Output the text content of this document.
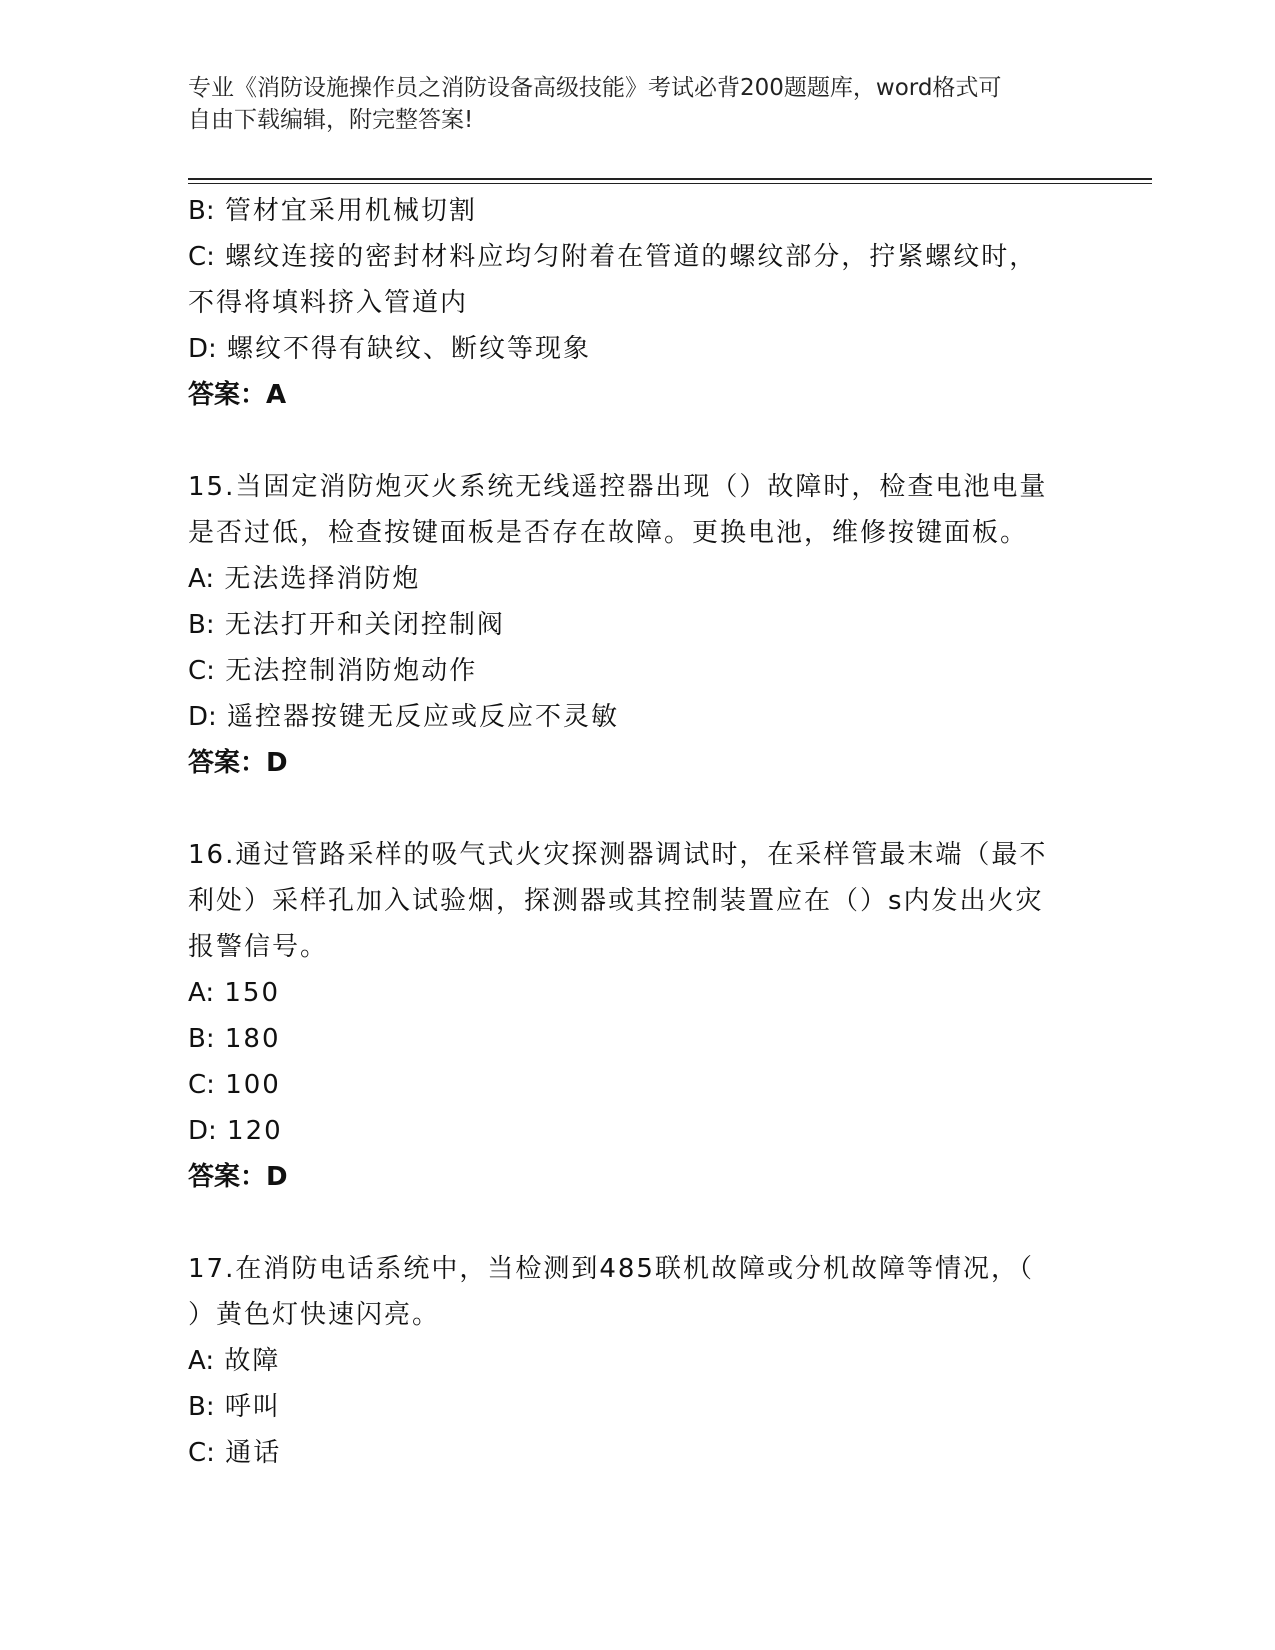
专业《消防设施操作员之消防设备高级技能》考试必背200题题库，word格式可
自由下载编辑，附完整答案!

B: 管材宜采用机械切割

C: 螺纹连接的密封材料应均匀附着在管道的螺纹部分，拧紧螺纹时，

不得将填料挤入管道内

D: 螺纹不得有缺纹、断纹等现象

答案：A

15.当固定消防炮灭火系统无线遥控器出现（）故障时，检查电池电量

是否过低，检查按键面板是否存在故障。更换电池，维修按键面板。

A: 无法选择消防炮

B: 无法打开和关闭控制阀

C: 无法控制消防炮动作

D: 遥控器按键无反应或反应不灵敏

答案：D

16.通过管路采样的吸气式火灾探测器调试时，在采样管最末端（最不

利处）采样孔加入试验烟，探测器或其控制装置应在（）s内发出火灾

报警信号。

A: 150

B: 180

C: 100

D: 120

答案：D

17.在消防电话系统中，当检测到485联机故障或分机故障等情况，（

）黄色灯快速闪亮。

A: 故障

B: 呼叫

C: 通话
